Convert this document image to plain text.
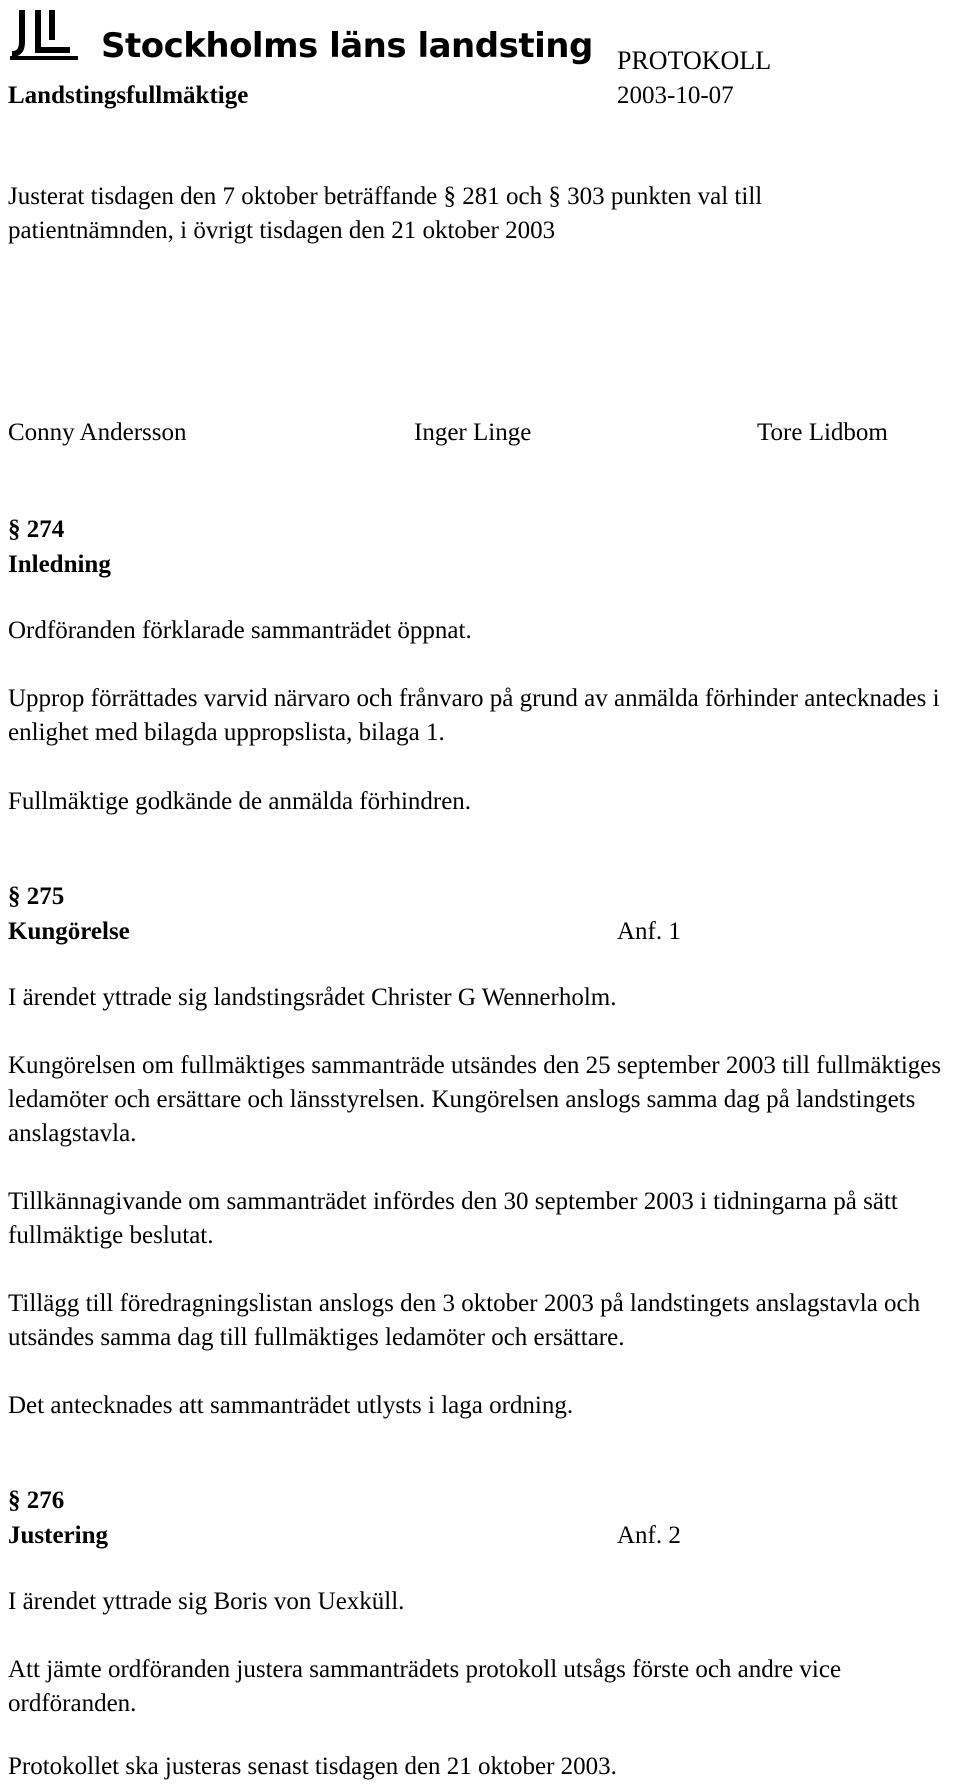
Stockholms läns landsting PROTOKOLL
Landstingsfullmäktige	2003-10-07
Justerat tisdagen den 7 oktober beträffande § 281 och § 303 punkten val till
patientnämnden, i övrigt tisdagen den 21 oktober 2003
Conny Andersson	Inger Linge	Tore Lidbom
§ 274
Inledning
Ordföranden förklarade sammanträdet öppnat.
Upprop förrättades varvid närvaro och frånvaro på grund av anmälda förhinder antecknades i enlighet med bilagda uppropslista, bilaga 1.
Fullmäktige godkände de anmälda förhindren.
§ 275
Kungörelse	Anf. 1
I ärendet yttrade sig landstingsrådet Christer G Wennerholm.
Kungörelsen om fullmäktiges sammanträde utsändes den 25 september 2003 till fullmäktiges ledamöter och ersättare och länsstyrelsen. Kungörelsen anslogs samma dag på landstingets anslagstavla.
Tillkännagivande om sammanträdet infördes den 30 september 2003 i tidningarna på sätt fullmäktige beslutat.
Tillägg till föredragningslistan anslogs den 3 oktober 2003 på landstingets anslagstavla och utsändes samma dag till fullmäktiges ledamöter och ersättare.
Det antecknades att sammanträdet utlysts i laga ordning.
§ 276
Justering	Anf. 2
I ärendet yttrade sig Boris von Uexküll.
Att jämte ordföranden justera sammanträdets protokoll utsågs förste och andre vice ordföranden.
Protokollet ska justeras senast tisdagen den 21 oktober 2003.
